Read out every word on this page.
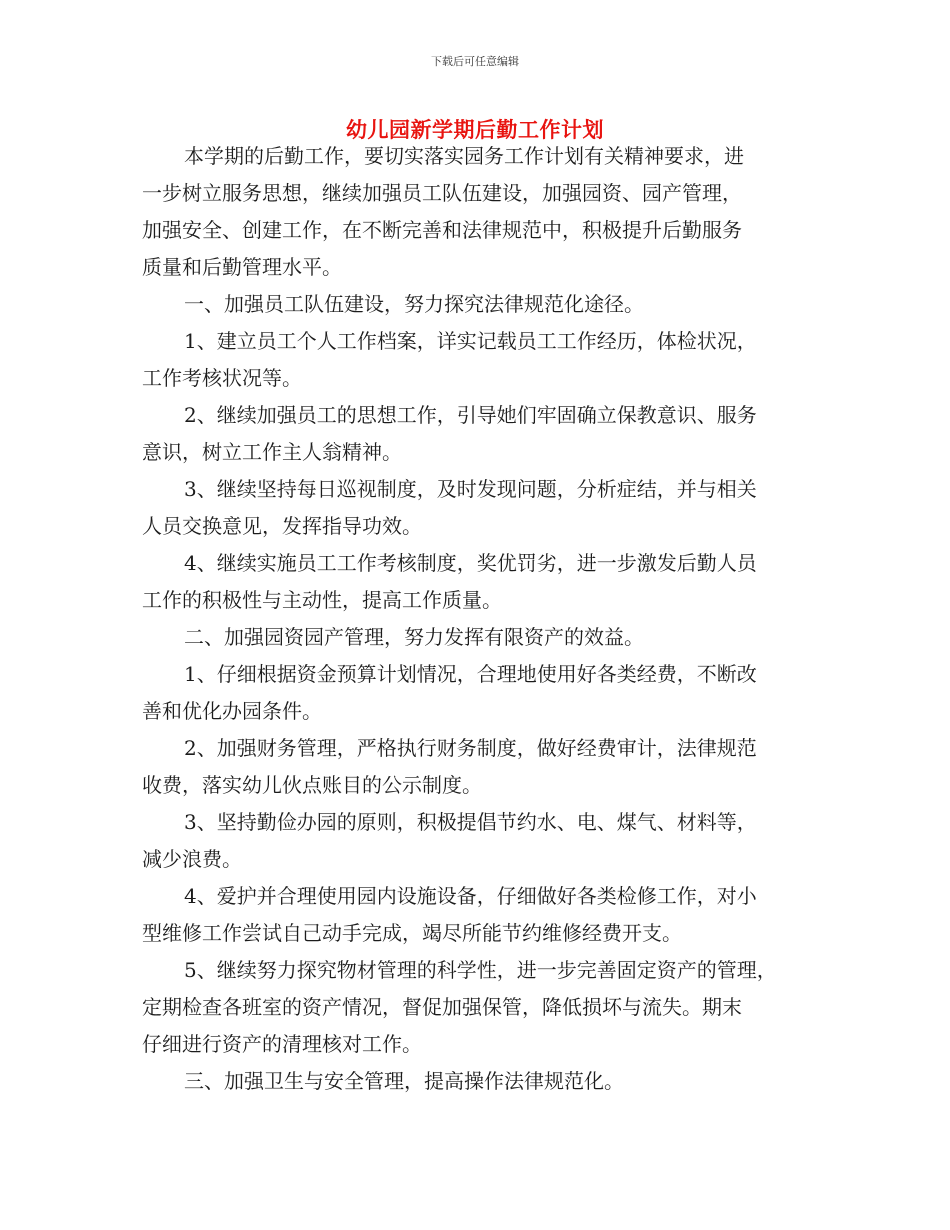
下载后可任意编辑
幼儿园新学期后勤工作计划
本学期的后勤工作，要切实落实园务工作计划有关精神要求，进
一步树立服务思想，继续加强员工队伍建设，加强园资、园产管理，
加强安全、创建工作，在不断完善和法律规范中，积极提升后勤服务
质量和后勤管理水平。
一、加强员工队伍建设，努力探究法律规范化途径。
1、建立员工个人工作档案，详实记载员工工作经历，体检状况，
工作考核状况等。
2、继续加强员工的思想工作，引导她们牢固确立保教意识、服务
意识，树立工作主人翁精神。
3、继续坚持每日巡视制度，及时发现问题，分析症结，并与相关
人员交换意见，发挥指导功效。
4、继续实施员工工作考核制度，奖优罚劣，进一步激发后勤人员
工作的积极性与主动性，提高工作质量。
二、加强园资园产管理，努力发挥有限资产的效益。
1、仔细根据资金预算计划情况，合理地使用好各类经费，不断改
善和优化办园条件。
2、加强财务管理，严格执行财务制度，做好经费审计，法律规范
收费，落实幼儿伙点账目的公示制度。
3、坚持勤俭办园的原则，积极提倡节约水、电、煤气、材料等，
减少浪费。
4、爱护并合理使用园内设施设备，仔细做好各类检修工作，对小
型维修工作尝试自己动手完成，竭尽所能节约维修经费开支。
5、继续努力探究物材管理的科学性，进一步完善固定资产的管理，
定期检查各班室的资产情况，督促加强保管，降低损坏与流失。期末
仔细进行资产的清理核对工作。
三、加强卫生与安全管理，提高操作法律规范化。
